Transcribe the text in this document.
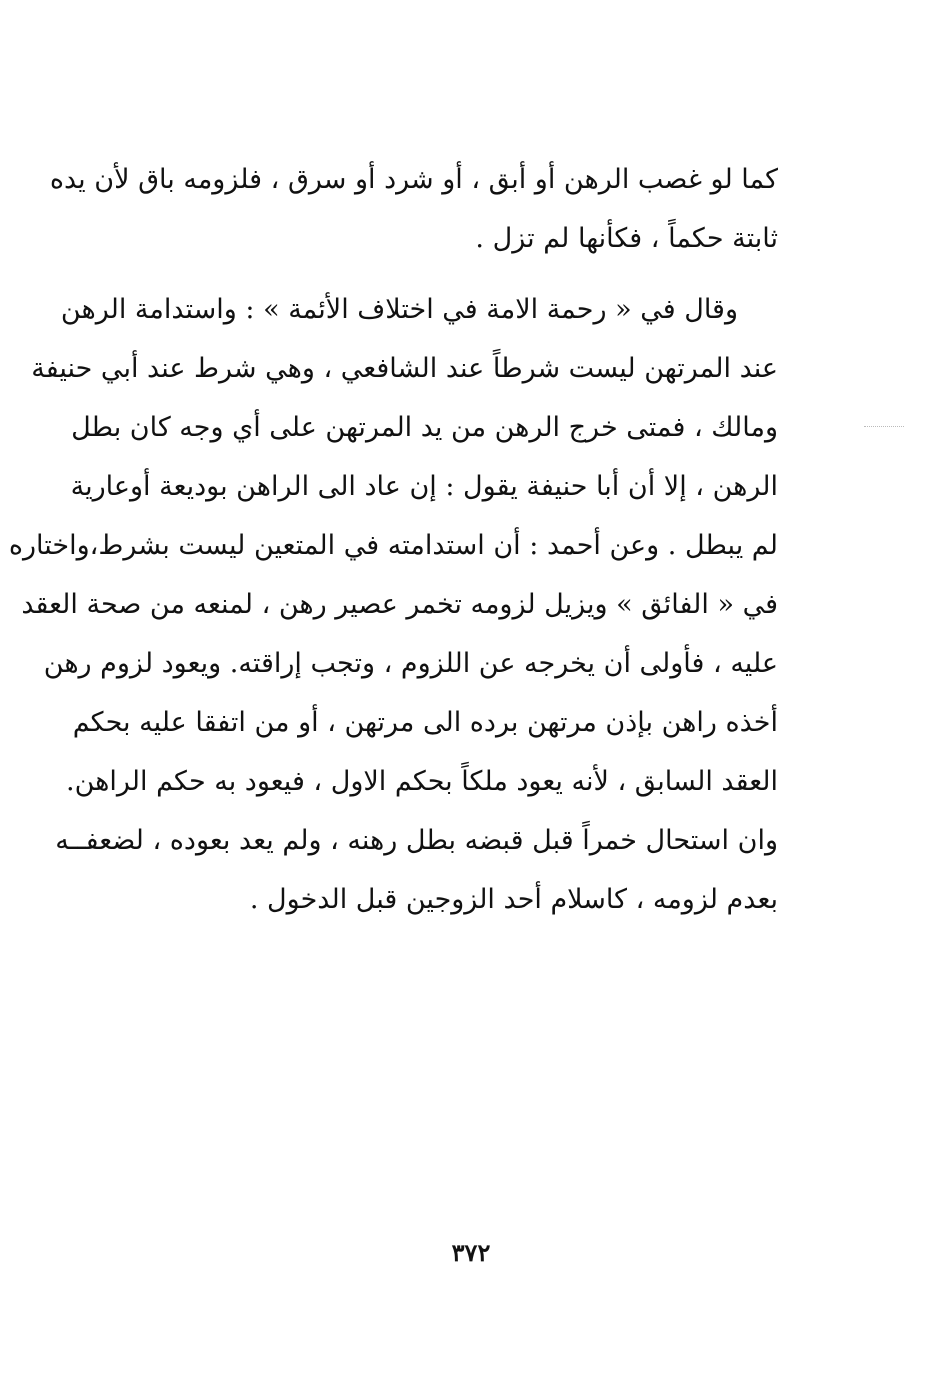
كما لو غصب الرهن أو أبق ، أو شرد أو سرق ، فلزومه باق لأن يده
ثابتة حكماً ، فكأنها لم تزل .
وقال في « رحمة الامة في اختلاف الأئمة » : واستدامة الرهن
عند المرتهن ليست شرطاً عند الشافعي ، وهي شرط عند أبي حنيفة
ومالك ، فمتى خرج الرهن من يد المرتهن على أي وجه كان بطل
الرهن ، إلا أن أبا حنيفة يقول : إن عاد الى الراهن بوديعة أوعارية
لم يبطل . وعن أحمد : أن استدامته في المتعين ليست بشرط،واختاره
في « الفائق » ويزيل لزومه تخمر عصير رهن ، لمنعه من صحة العقد
عليه ، فأولى أن يخرجه عن اللزوم ، وتجب إراقته. ويعود لزوم رهن
أخذه راهن بإذن مرتهن برده الى مرتهن ، أو من اتفقا عليه بحكم
العقد السابق ، لأنه يعود ملكاً بحكم الاول ، فيعود به حكم الراهن.
وان استحال خمراً قبل قبضه بطل رهنه ، ولم يعد بعوده ، لضعفــه
بعدم لزومه ، كاسلام أحد الزوجين قبل الدخول .
٣٧٢
